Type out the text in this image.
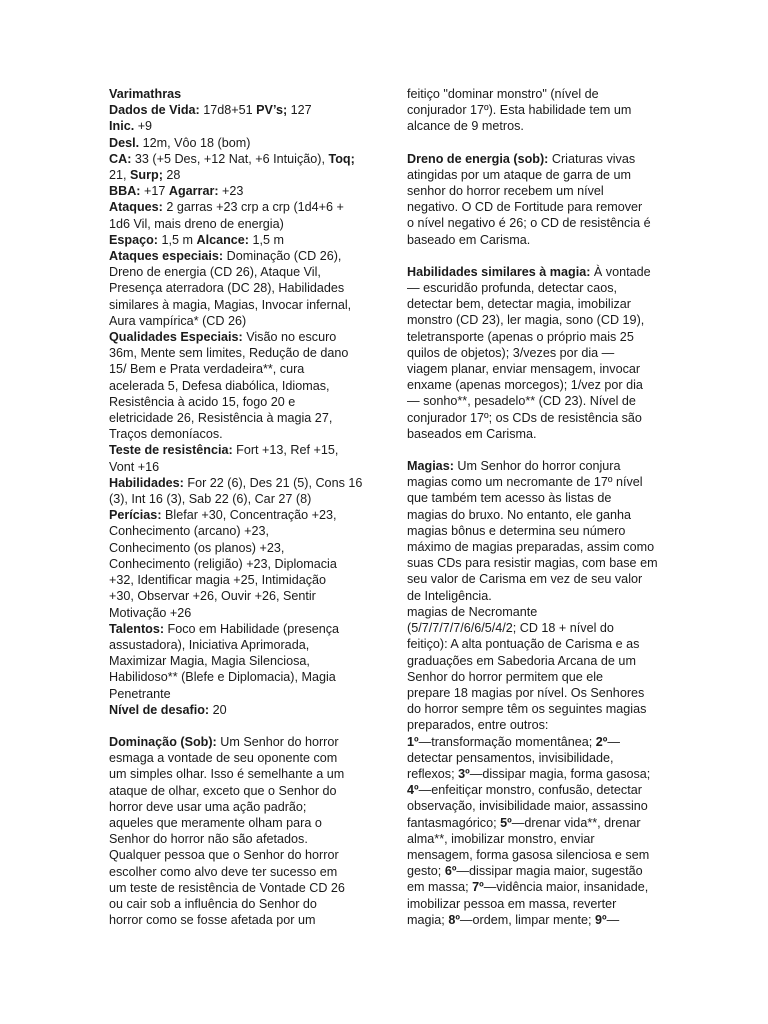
Varimathras
Dados de Vida: 17d8+51 PV’s; 127
Inic. +9
Desl. 12m, Vôo 18 (bom)
CA: 33 (+5 Des, +12 Nat, +6 Intuição), Toq;
21, Surp; 28
BBA: +17 Agarrar: +23
Ataques: 2 garras +23 crp a crp (1d4+6 +
1d6 Vil, mais dreno de energia)
Espaço: 1,5 m Alcance: 1,5 m
Ataques especiais: Dominação (CD 26),
Dreno de energia (CD 26), Ataque Vil,
Presença aterradora (DC 28), Habilidades
similares à magia, Magias, Invocar infernal,
Aura vampírica* (CD 26)
Qualidades Especiais: Visão no escuro
36m, Mente sem limites, Redução de dano
15/ Bem e Prata verdadeira**, cura
acelerada 5, Defesa diabólica, Idiomas,
Resistência à acido 15, fogo 20 e
eletricidade 26, Resistência à magia 27,
Traços demoníacos.
Teste de resistência: Fort +13, Ref +15,
Vont +16
Habilidades: For 22 (6), Des 21 (5), Cons 16
(3), Int 16 (3), Sab 22 (6), Car 27 (8)
Perícias: Blefar +30, Concentração +23,
Conhecimento (arcano) +23,
Conhecimento (os planos) +23,
Conhecimento (religião) +23, Diplomacia
+32, Identificar magia +25, Intimidação
+30, Observar +26, Ouvir +26, Sentir
Motivação +26
Talentos: Foco em Habilidade (presença
assustadora), Iniciativa Aprimorada,
Maximizar Magia, Magia Silenciosa,
Habilidoso** (Blefe e Diplomacia), Magia
Penetrante
Nível de desafio: 20
Dominação (Sob): Um Senhor do horror
esmaga a vontade de seu oponente com
um simples olhar. Isso é semelhante a um
ataque de olhar, exceto que o Senhor do
horror deve usar uma ação padrão;
aqueles que meramente olham para o
Senhor do horror não são afetados.
Qualquer pessoa que o Senhor do horror
escolher como alvo deve ter sucesso em
um teste de resistência de Vontade CD 26
ou cair sob a influência do Senhor do
horror como se fosse afetada por um
feitiço "dominar monstro" (nível de
conjurador 17º). Esta habilidade tem um
alcance de 9 metros.
Dreno de energia (sob): Criaturas vivas
atingidas por um ataque de garra de um
senhor do horror recebem um nível
negativo. O CD de Fortitude para remover
o nível negativo é 26; o CD de resistência é
baseado em Carisma.
Habilidades similares à magia: À vontade
— escuridão profunda, detectar caos,
detectar bem, detectar magia, imobilizar
monstro (CD 23), ler magia, sono (CD 19),
teletransporte (apenas o próprio mais 25
quilos de objetos); 3/vezes por dia —
viagem planar, enviar mensagem, invocar
enxame (apenas morcegos); 1/vez por dia
— sonho**, pesadelo** (CD 23). Nível de
conjurador 17º; os CDs de resistência são
baseados em Carisma.
Magias: Um Senhor do horror conjura
magias como um necromante de 17º nível
que também tem acesso às listas de
magias do bruxo. No entanto, ele ganha
magias bônus e determina seu número
máximo de magias preparadas, assim como
suas CDs para resistir magias, com base em
seu valor de Carisma em vez de seu valor
de Inteligência.
magias de Necromante
(5/7/7/7/7/6/6/5/4/2; CD 18 + nível do
feitiço): A alta pontuação de Carisma e as
graduações em Sabedoria Arcana de um
Senhor do horror permitem que ele
prepare 18 magias por nível. Os Senhores
do horror sempre têm os seguintes magias
preparados, entre outros:
1º—transformação momentânea; 2º—
detectar pensamentos, invisibilidade,
reflexos; 3º—dissipar magia, forma gasosa;
4º—enfeitiçar monstro, confusão, detectar
observação, invisibilidade maior, assassino
fantasmagórico; 5º—drenar vida**, drenar
alma**, imobilizar monstro, enviar
mensagem, forma gasosa silenciosa e sem
gesto; 6º—dissipar magia maior, sugestão
em massa; 7º—vidência maior, insanidade,
imobilizar pessoa em massa, reverter
magia; 8º—ordem, limpar mente; 9º—
